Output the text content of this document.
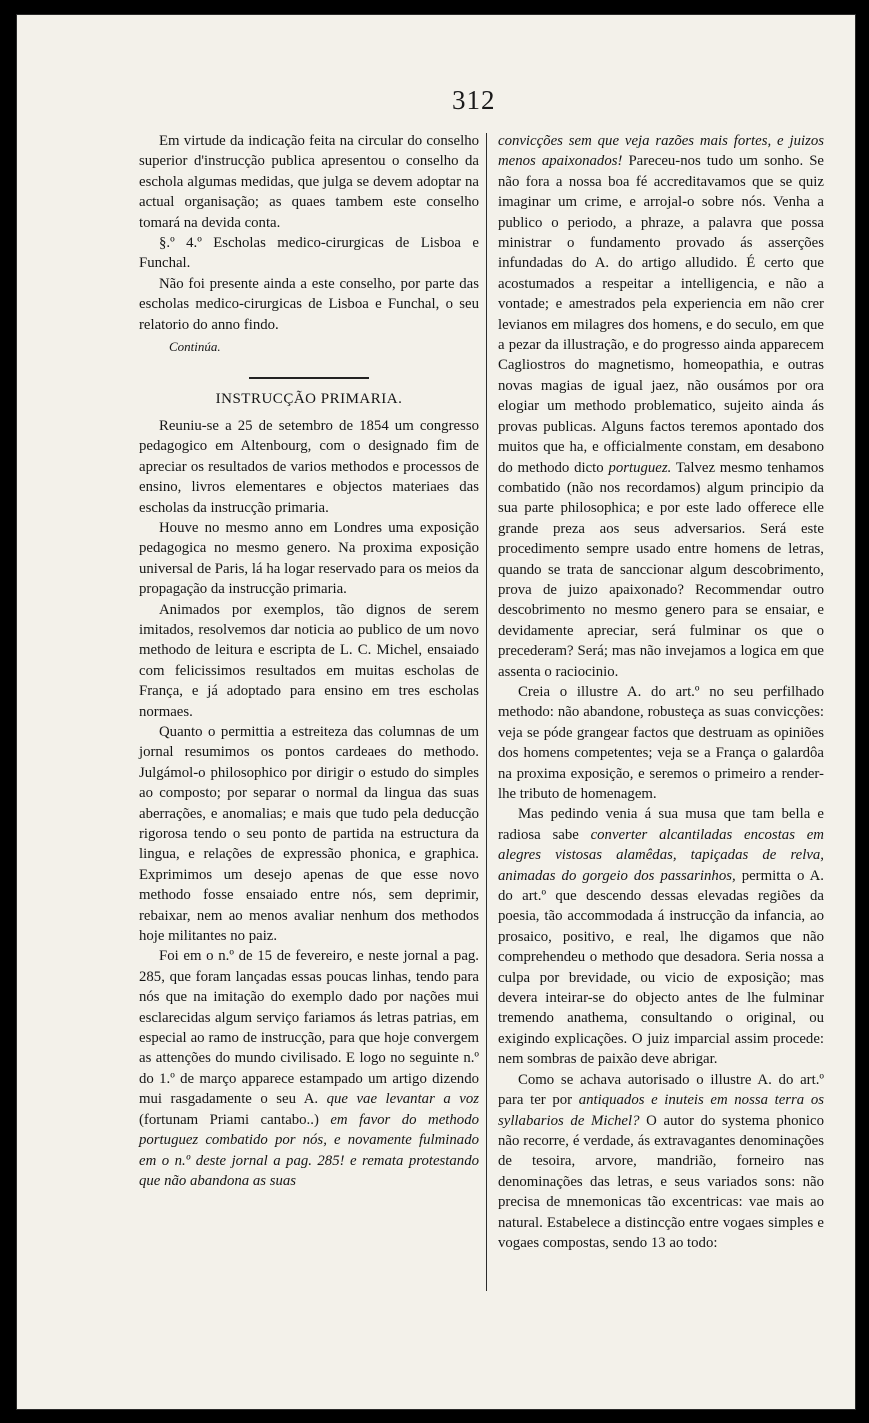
312

Em virtude da indicação feita na circular do conselho superior d'instrucção publica apresentou o conselho da eschola algumas medidas, que julga se devem adoptar na actual organisação; as quaes tambem este conselho tomará na devida conta.

§.º 4.º Escholas medico-cirurgicas de Lisboa e Funchal.

Não foi presente ainda a este conselho, por parte das escholas medico-cirurgicas de Lisboa e Funchal, o seu relatorio do anno findo.

Continúa.

INSTRUCÇÃO PRIMARIA.

Reuniu-se a 25 de setembro de 1854 um congresso pedagogico em Altenbourg, com o designado fim de apreciar os resultados de varios methodos e processos de ensino, livros elementares e objectos materiaes das escholas da instrucção primaria.

Houve no mesmo anno em Londres uma exposição pedagogica no mesmo genero. Na proxima exposição universal de Paris, lá ha logar reservado para os meios da propagação da instrucção primaria.

Animados por exemplos, tão dignos de serem imitados, resolvemos dar noticia ao publico de um novo methodo de leitura e escripta de L. C. Michel, ensaiado com felicissimos resultados em muitas escholas de França, e já adoptado para ensino em tres escholas normaes.

Quanto o permittia a estreiteza das columnas de um jornal resumimos os pontos cardeaes do methodo. Julgámol-o philosophico por dirigir o estudo do simples ao composto; por separar o normal da lingua das suas aberrações, e anomalias; e mais que tudo pela deducção rigorosa tendo o seu ponto de partida na estructura da lingua, e relações de expressão phonica, e graphica. Exprimimos um desejo apenas de que esse novo methodo fosse ensaiado entre nós, sem deprimir, rebaixar, nem ao menos avaliar nenhum dos methodos hoje militantes no paiz.

Foi em o n.º de 15 de fevereiro, e neste jornal a pag. 285, que foram lançadas essas poucas linhas, tendo para nós que na imitação do exemplo dado por nações mui esclarecidas algum serviço fariamos ás letras patrias, em especial ao ramo de instrucção, para que hoje convergem as attenções do mundo civilisado. E logo no seguinte n.º do 1.º de março apparece estampado um artigo dizendo mui rasgadamente o seu A. que vae levantar a voz (fortunam Priami cantabo..) em favor do methodo portuguez combatido por nós, e novamente fulminado em o n.º deste jornal a pag. 285! e remata protestando que não abandona as suas

convicções sem que veja razões mais fortes, e juizos menos apaixonados! Pareceu-nos tudo um sonho. Se não fora a nossa boa fé accreditavamos que se quiz imaginar um crime, e arrojal-o sobre nós. Venha a publico o periodo, a phraze, a palavra que possa ministrar o fundamento provado ás asserções infundadas do A. do artigo alludido. É certo que acostumados a respeitar a intelligencia, e não a vontade; e amestrados pela experiencia em não crer levianos em milagres dos homens, e do seculo, em que a pezar da illustração, e do progresso ainda apparecem Cagliostros do magnetismo, homeopathia, e outras novas magias de igual jaez, não ousámos por ora elogiar um methodo problematico, sujeito ainda ás provas publicas. Alguns factos teremos apontado dos muitos que ha, e officialmente constam, em desabono do methodo dicto portuguez. Talvez mesmo tenhamos combatido (não nos recordamos) algum principio da sua parte philosophica; e por este lado offerece elle grande preza aos seus adversarios. Será este procedimento sempre usado entre homens de letras, quando se trata de sanccionar algum descobrimento, prova de juizo apaixonado? Recommendar outro descobrimento no mesmo genero para se ensaiar, e devidamente apreciar, será fulminar os que o precederam? Será; mas não invejamos a logica em que assenta o raciocinio.

Creia o illustre A. do art.º no seu perfilhado methodo: não abandone, robusteça as suas convicções: veja se póde grangear factos que destruam as opiniões dos homens competentes; veja se a França o galardôa na proxima exposição, e seremos o primeiro a render-lhe tributo de homenagem.

Mas pedindo venia á sua musa que tam bella e radiosa sabe converter alcantiladas encostas em alegres vistosas alamêdas, tapiçadas de relva, animadas do gorgeio dos passarinhos, permitta o A. do art.º que descendo dessas elevadas regiões da poesia, tão accommodada á instrucção da infancia, ao prosaico, positivo, e real, lhe digamos que não comprehendeu o methodo que desadora. Seria nossa a culpa por brevidade, ou vicio de exposição; mas devera inteirar-se do objecto antes de lhe fulminar tremendo anathema, consultando o original, ou exigindo explicações. O juiz imparcial assim procede: nem sombras de paixão deve abrigar.

Como se achava autorisado o illustre A. do art.º para ter por antiquados e inuteis em nossa terra os syllabarios de Michel? O autor do systema phonico não recorre, é verdade, ás extravagantes denominações de tesoira, arvore, mandrião, forneiro nas denominações das letras, e seus variados sons: não precisa de mnemonicas tão excentricas: vae mais ao natural. Estabelece a distincção entre vogaes simples e vogaes compostas, sendo 13 ao todo:
